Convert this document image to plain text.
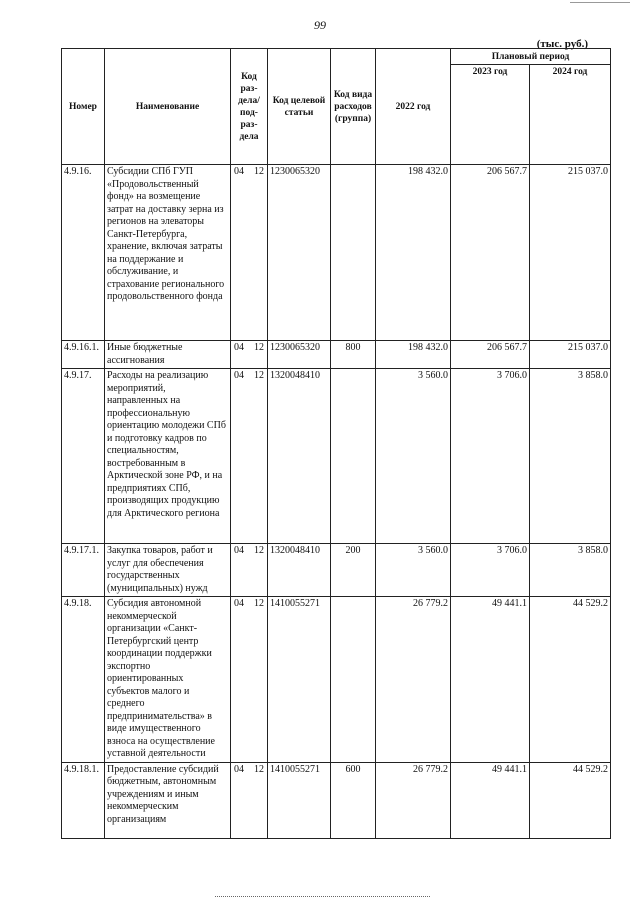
99
(тыс. руб.)
Номер	Наименование	Код раз-дела/ под-раз-дела	Код целевой статьи	Код вида расходов (группа)	2022 год	Плановый период	
						2023 год	2024 год
4.9.16.	Субсидии СПб ГУП «Продовольственный фонд» на возмещение затрат на доставку зерна из регионов на элеваторы Санкт-Петербурга, хранение, включая затраты на поддержание и обслуживание, и страхование регионального продовольственного фонда	04 12	1230065320		198 432.0	206 567.7	215 037.0
4.9.16.1.	Иные бюджетные ассигнования	04 12	1230065320	800	198 432.0	206 567.7	215 037.0
4.9.17.	Расходы на реализацию мероприятий, направленных на профессиональную ориентацию молодежи СПб и подготовку кадров по специальностям, востребованным в Арктической зоне РФ, и на предприятиях СПб, производящих продукцию для Арктического региона	04 12	1320048410		3 560.0	3 706.0	3 858.0
4.9.17.1.	Закупка товаров, работ и услуг для обеспечения государственных (муниципальных) нужд	04 12	1320048410	200	3 560.0	3 706.0	3 858.0
4.9.18.	Субсидия автономной некоммерческой организации «Санкт-Петербургский центр координации поддержки экспортно ориентированных субъектов малого и среднего предпринимательства» в виде имущественного взноса на осуществление уставной деятельности	04 12	1410055271		26 779.2	49 441.1	44 529.2
4.9.18.1.	Предоставление субсидий бюджетным, автономным учреждениям и иным некоммерческим организациям	04 12	1410055271	600	26 779.2	49 441.1	44 529.2
